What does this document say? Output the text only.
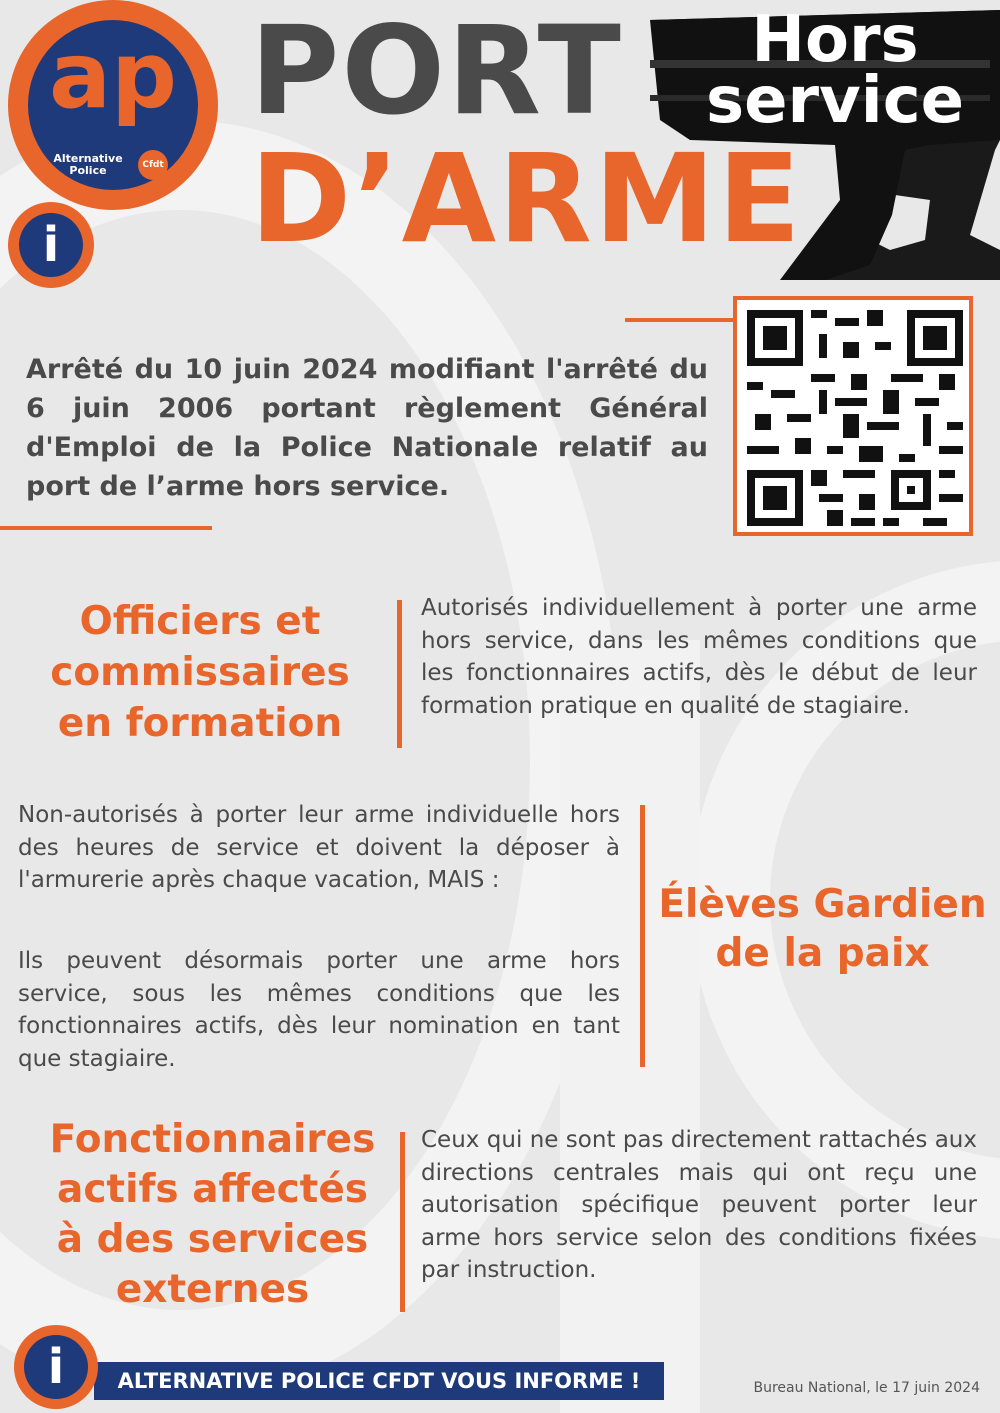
ap
Alternative
Police	Cfdt
i
PORT
D’ARME
Hors
service
Arrêté du 10 juin 2024 modifiant l'arrêté du 6 juin 2006 portant règlement Général d'Emploi de la Police Nationale relatif au port de l’arme hors service.
Officiers et
commissaires
en formation
Autorisés individuellement à porter une arme hors service, dans les mêmes conditions que les fonctionnaires actifs, dès le début de leur formation pratique en qualité de stagiaire.
Non-autorisés à porter leur arme individuelle hors des heures de service et doivent la déposer à l'armurerie après chaque vacation, MAIS :
Ils peuvent désormais porter une arme hors service, sous les mêmes conditions que les fonctionnaires actifs, dès leur nomination en tant que stagiaire.
Élèves Gardien
de la paix
Fonctionnaires
actifs affectés
à des services
externes
Ceux qui ne sont pas directement rattachés aux directions centrales mais qui ont reçu une autorisation spécifique peuvent porter leur arme hors service selon des conditions fixées par instruction.
ALTERNATIVE POLICE CFDT VOUS INFORME !
i	Bureau National, le 17 juin 2024
